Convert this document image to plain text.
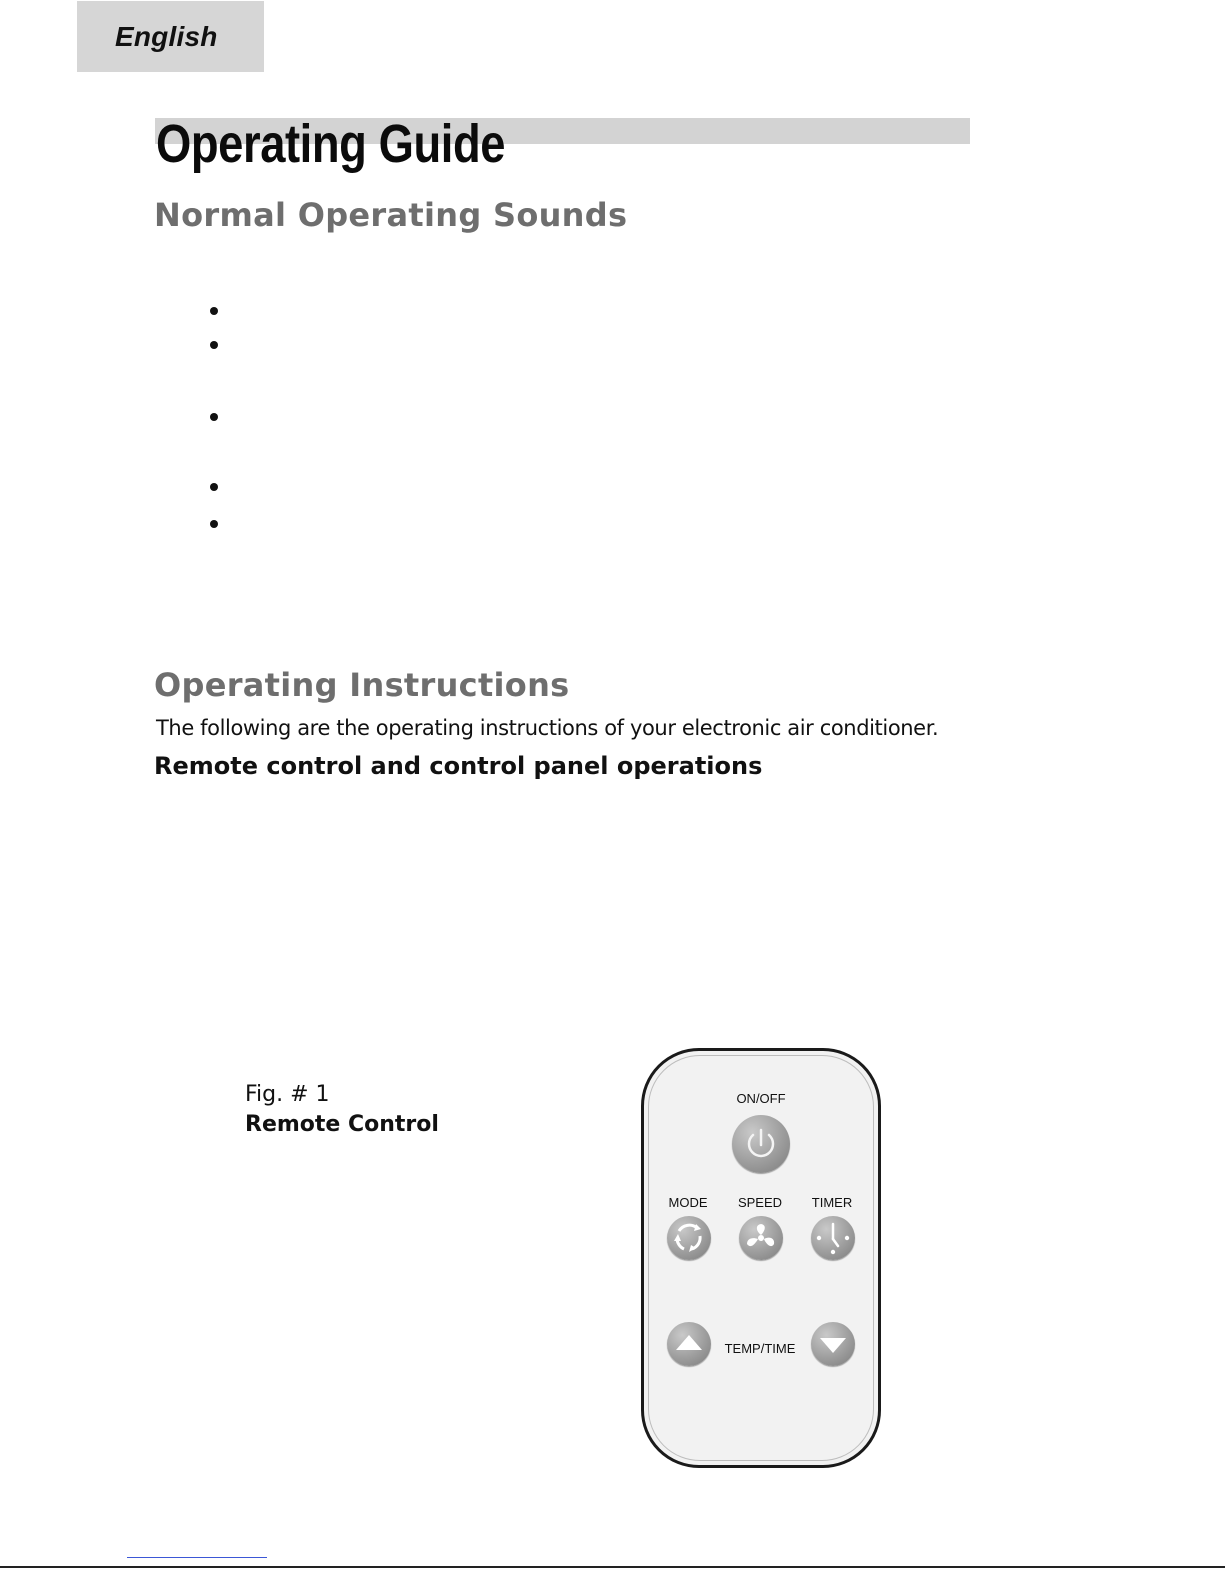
English
Operating Guide
Normal Operating Sounds
Operating Instructions

The following are the operating instructions of your electronic air conditioner.

Remote control and control panel operations
Fig. # 1
Remote Control
ON/OFF
MODE SPEED TIMER
TEMP/TIME
